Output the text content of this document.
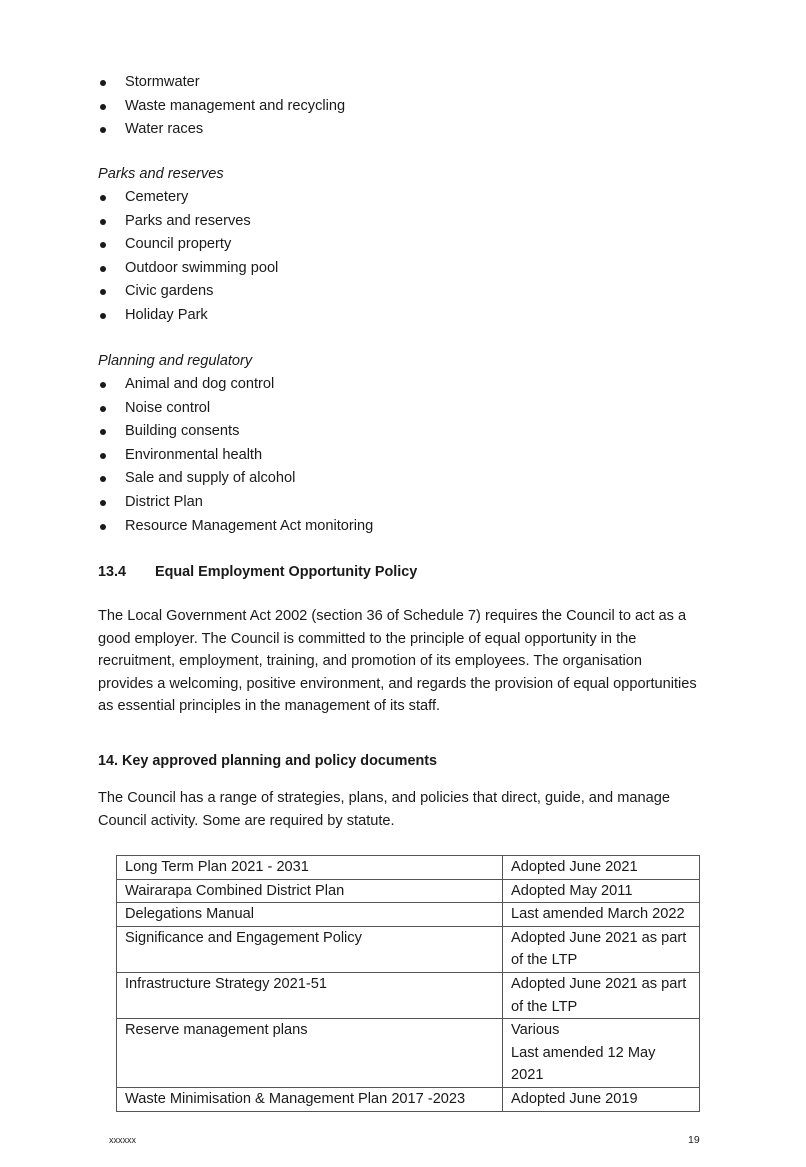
Stormwater
Waste management and recycling
Water races
Parks and reserves
Cemetery
Parks and reserves
Council property
Outdoor swimming pool
Civic gardens
Holiday Park
Planning and regulatory
Animal and dog control
Noise control
Building consents
Environmental health
Sale and supply of alcohol
District Plan
Resource Management Act monitoring
13.4 Equal Employment Opportunity Policy

The Local Government Act 2002 (section 36 of Schedule 7) requires the Council to act as a good employer. The Council is committed to the principle of equal opportunity in the recruitment, employment, training, and promotion of its employees. The organisation provides a welcoming, positive environment, and regards the provision of equal opportunities as essential principles in the management of its staff.

14. Key approved planning and policy documents

The Council has a range of strategies, plans, and policies that direct, guide, and manage Council activity. Some are required by statute.

Long Term Plan 2021 - 2031	Adopted June 2021

Wairarapa Combined District Plan	Adopted May 2011

Delegations Manual	Last amended March 2022

Significance and Engagement Policy	Adopted June 2021 as part
of the LTP

Infrastructure Strategy 2021-51	Adopted June 2021 as part
of the LTP

Reserve management plans	Various
Last amended 12 May 2021

Waste Minimisation & Management Plan 2017 -2023	Adopted June 2019
xxxxxx	19
